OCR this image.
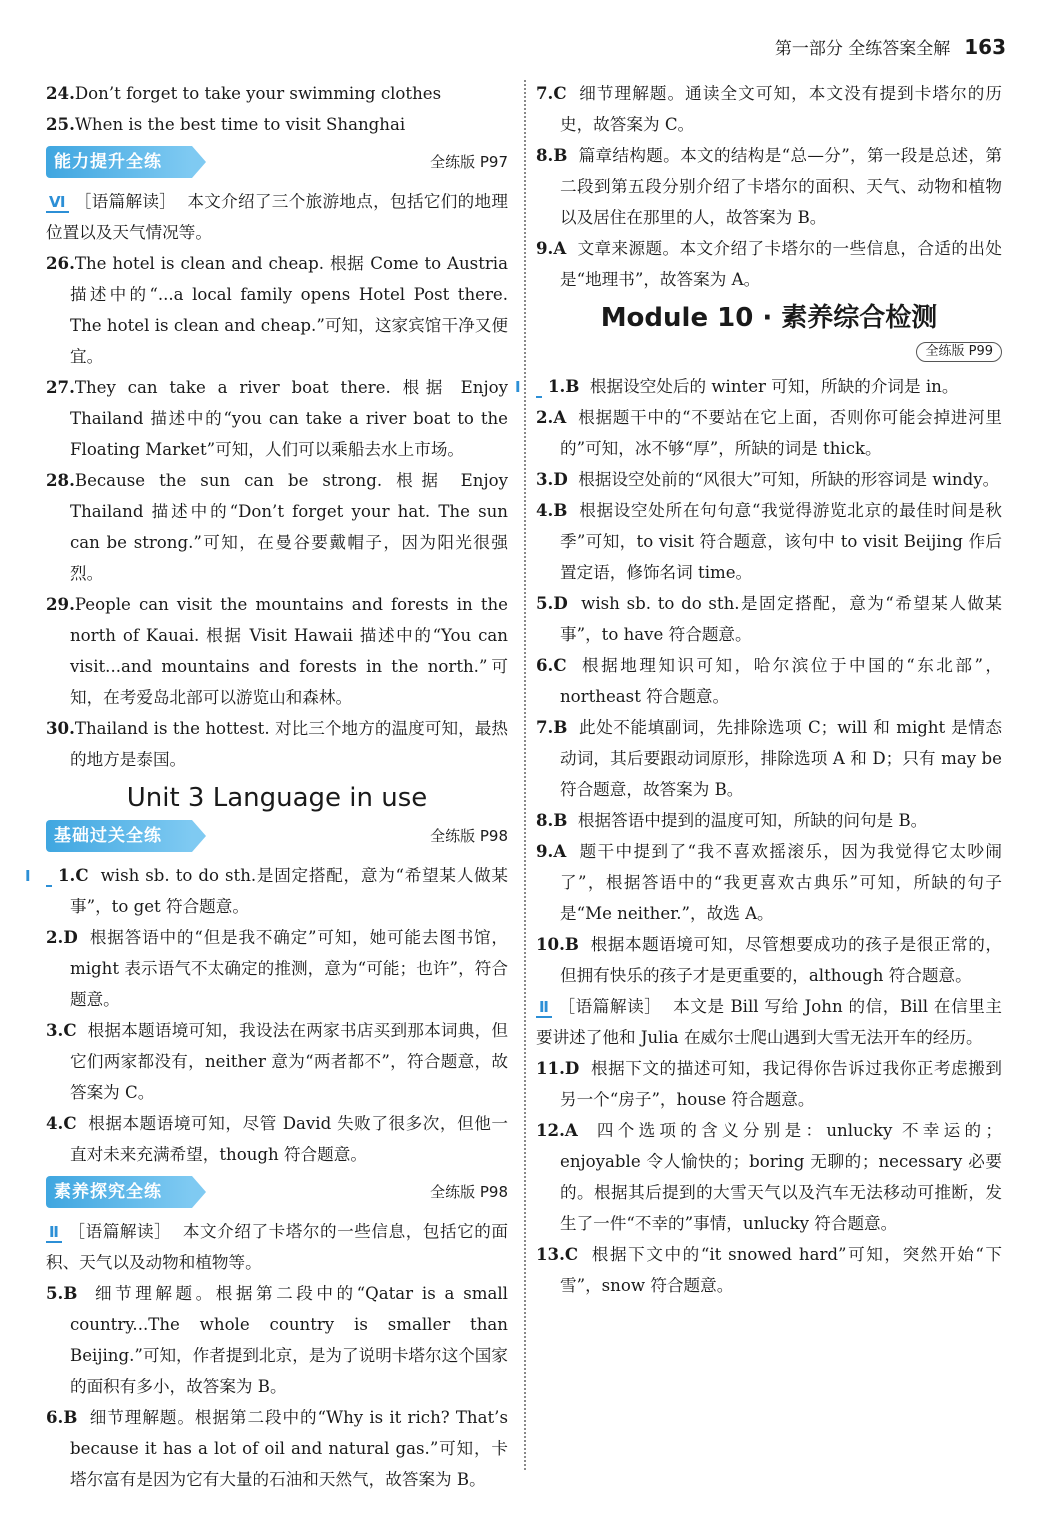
第一部分 全练答案全解 163

24.Don’t forget to take your swimming clothes

25.When is the best time to visit Shanghai

能力提升全练	全练版 P97

Ⅵ ［语篇解读］ 本文介绍了三个旅游地点，包括它们的地理位置以及天气情况等。

26.The hotel is clean and cheap. 根据 Come to Austria 描述中的“...a local family opens Hotel Post there. The hotel is clean and cheap.”可知，这家宾馆干净又便宜。

27.They can take a river boat there. 根据 Enjoy Thailand 描述中的“you can take a river boat to the Floating Market”可知，人们可以乘船去水上市场。

28.Because the sun can be strong. 根据 Enjoy Thailand 描述中的“Don’t forget your hat. The sun can be strong.”可知，在曼谷要戴帽子，因为阳光很强烈。

29.People can visit the mountains and forests in the north of Kauai. 根据 Visit Hawaii 描述中的“You can visit...and mountains and forests in the north.”可知，在考爱岛北部可以游览山和森林。

30.Thailand is the hottest. 对比三个地方的温度可知，最热的地方是泰国。

Unit 3 Language in use
基础过关全练	全练版 P98

Ⅰ 1.C wish sb. to do sth.是固定搭配，意为“希望某人做某事”，to get 符合题意。

2.D 根据答语中的“但是我不确定”可知，她可能去图书馆，might 表示语气不太确定的推测，意为“可能；也许”，符合题意。

3.C 根据本题语境可知，我设法在两家书店买到那本词典，但它们两家都没有，neither 意为“两者都不”，符合题意，故答案为 C。

4.C 根据本题语境可知，尽管 David 失败了很多次，但他一直对未来充满希望，though 符合题意。

素养探究全练	全练版 P98

Ⅱ ［语篇解读］ 本文介绍了卡塔尔的一些信息，包括它的面积、天气以及动物和植物等。

5.B 细节理解题。根据第二段中的“Qatar is a small country...The whole country is smaller than Beijing.”可知，作者提到北京，是为了说明卡塔尔这个国家的面积有多小，故答案为 B。

6.B 细节理解题。根据第二段中的“Why is it rich? That’s because it has a lot of oil and natural gas.”可知，卡塔尔富有是因为它有大量的石油和天然气，故答案为 B。

7.C 细节理解题。通读全文可知，本文没有提到卡塔尔的历史，故答案为 C。

8.B 篇章结构题。本文的结构是“总—分”，第一段是总述，第二段到第五段分别介绍了卡塔尔的面积、天气、动物和植物以及居住在那里的人，故答案为 B。

9.A 文章来源题。本文介绍了卡塔尔的一些信息，合适的出处是“地理书”，故答案为 A。

Module 10 · 素养综合检测
全练版 P99

Ⅰ 1.B 根据设空处后的 winter 可知，所缺的介词是 in。

2.A 根据题干中的“不要站在它上面，否则你可能会掉进河里的”可知，冰不够“厚”，所缺的词是 thick。

3.D 根据设空处前的“风很大”可知，所缺的形容词是 windy。

4.B 根据设空处所在句句意“我觉得游览北京的最佳时间是秋季”可知，to visit 符合题意，该句中 to visit Beijing 作后置定语，修饰名词 time。

5.D wish sb. to do sth.是固定搭配，意为“希望某人做某事”，to have 符合题意。

6.C 根据地理知识可知，哈尔滨位于中国的“东北部”，northeast 符合题意。

7.B 此处不能填副词，先排除选项 C；will 和 might 是情态动词，其后要跟动词原形，排除选项 A 和 D；只有 may be 符合题意，故答案为 B。

8.B 根据答语中提到的温度可知，所缺的问句是 B。

9.A 题干中提到了“我不喜欢摇滚乐，因为我觉得它太吵闹了”，根据答语中的“我更喜欢古典乐”可知，所缺的句子是“Me neither.”，故选 A。

10.B 根据本题语境可知，尽管想要成功的孩子是很正常的，但拥有快乐的孩子才是更重要的，although 符合题意。

Ⅱ ［语篇解读］ 本文是 Bill 写给 John 的信，Bill 在信里主要讲述了他和 Julia 在威尔士爬山遇到大雪无法开车的经历。

11.D 根据下文的描述可知，我记得你告诉过我你正考虑搬到另一个“房子”，house 符合题意。

12.A 四个选项的含义分别是：unlucky 不幸运的；enjoyable 令人愉快的；boring 无聊的；necessary 必要的。根据其后提到的大雪天气以及汽车无法移动可推断，发生了一件“不幸的”事情，unlucky 符合题意。

13.C 根据下文中的“it snowed hard”可知，突然开始“下雪”，snow 符合题意。
